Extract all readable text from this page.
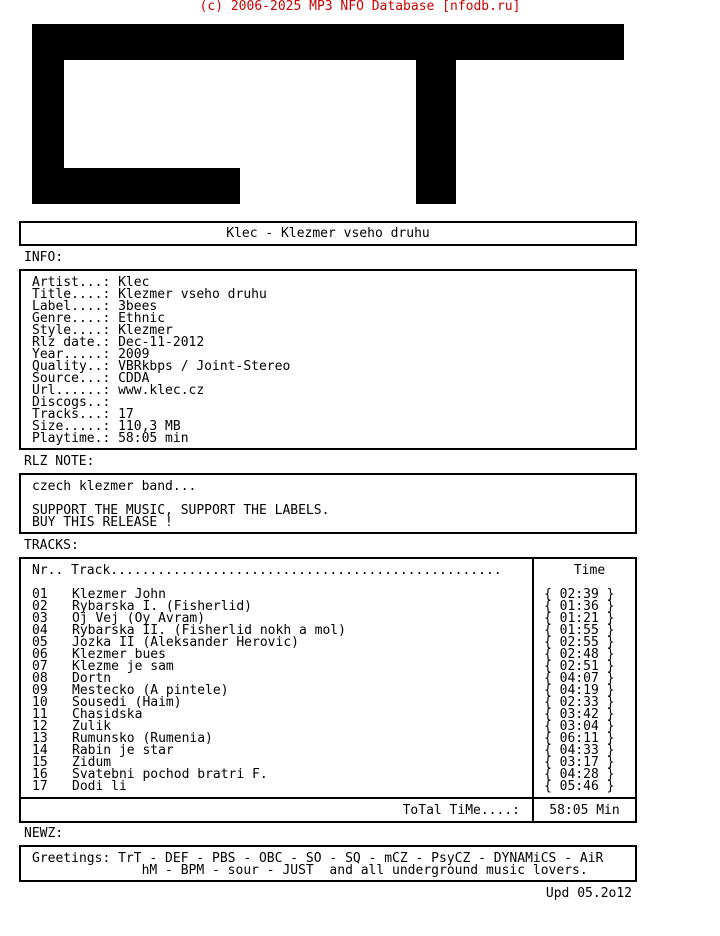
(c) 2006-2025 MP3 NFO Database [nfodb.ru]
Klec - Klezmer vseho druhu
INFO:
Artist...: Klec
Title....: Klezmer vseho druhu
Label....: 3bees
Genre....: Ethnic
Style....: Klezmer
Rlz date.: Dec-11-2012
Year.....: 2009
Quality..: VBRkbps / Joint-Stereo
Source...: CDDA
Url......: www.klec.cz
Discogs..:
Tracks...: 17
Size.....: 110,3 MB
Playtime.: 58:05 min
RLZ NOTE:
czech klezmer band...
SUPPORT THE MUSIC, SUPPORT THE LABELS.
BUY THIS RELEASE !
TRACKS:
Nr.. Track..................................................	Time
01 Klezmer John
02 Rybarska I. (Fisherlid)
03 Oj Vej (Oy Avram)
04 Rybarska II. (Fisherlid nokh a mol)
05 Jozka II (Aleksander Herovic)
06 Klezmer bues
07 Klezme je sam
08 Dortn
09 Mestecko (A pintele)
10 Sousedi (Haim)
11 Chasidska
12 Zulik
13 Rumunsko (Rumenia)
14 Rabin je star
15 Zidum
16 Svatebni pochod bratri F.
17 Dodi li
{ 02:39 }
{ 01:36 }
{ 01:21 }
{ 01:55 }
{ 02:55 }
{ 02:48 }
{ 02:51 }
{ 04:07 }
{ 04:19 }
{ 02:33 }
{ 03:42 }
{ 03:04 }
{ 06:11 }
{ 04:33 }
{ 03:17 }
{ 04:28 }
{ 05:46 }
ToTal TiMe....:	58:05 Min
NEWZ:
Greetings: TrT - DEF - PBS - OBC - SO - SQ - mCZ - PsyCZ - DYNAMiCS - AiR
hM - BPM - sour - JUST  and all underground music lovers.
Upd 05.2o12
